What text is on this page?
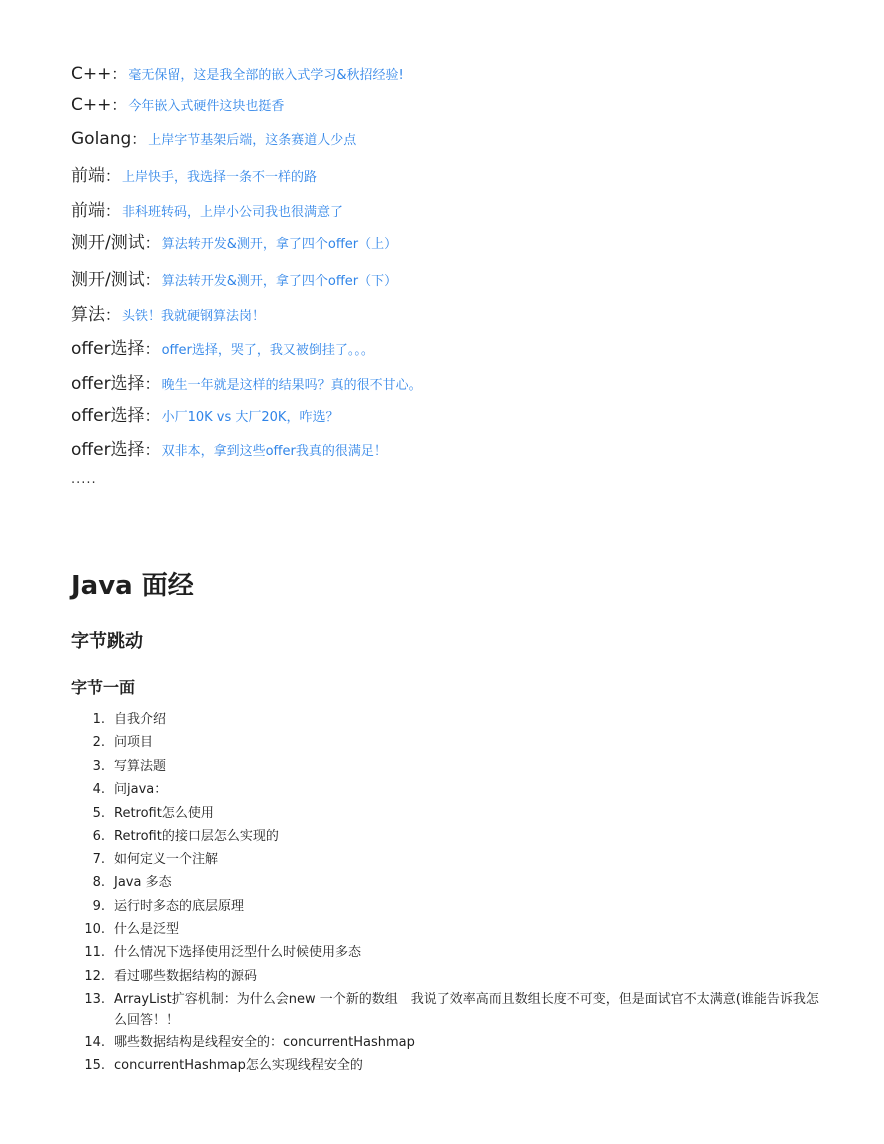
C++： 毫无保留，这是我全部的嵌入式学习&秋招经验!
C++： 今年嵌入式硬件这块也挺香
Golang： 上岸字节基架后端，这条赛道人少点
前端： 上岸快手，我选择一条不一样的路
前端： 非科班转码，上岸小公司我也很满意了
测开/测试： 算法转开发&测开，拿了四个offer（上）
测开/测试： 算法转开发&测开，拿了四个offer（下）
算法： 头铁！我就硬钢算法岗！
offer选择： offer选择，哭了，我又被倒挂了。。。
offer选择： 晚生一年就是这样的结果吗？真的很不甘心。
offer选择： 小厂10K vs 大厂20K，咋选？
offer选择： 双非本，拿到这些offer我真的很满足！
.....
Java 面经
字节跳动
字节一面
1. 自我介绍
2. 问项目
3. 写算法题
4. 问java：
5. Retrofit怎么使用
6. Retrofit的接口层怎么实现的
7. 如何定义一个注解
8. Java 多态
9. 运行时多态的底层原理
10. 什么是泛型
11. 什么情况下选择使用泛型什么时候使用多态
12. 看过哪些数据结构的源码
13. ArrayList扩容机制：为什么会new 一个新的数组　我说了效率高而且数组长度不可变，但是面试官不太满意(谁能告诉我怎么回答！！
14. 哪些数据结构是线程安全的：concurrentHashmap
15. concurrentHashmap怎么实现线程安全的
